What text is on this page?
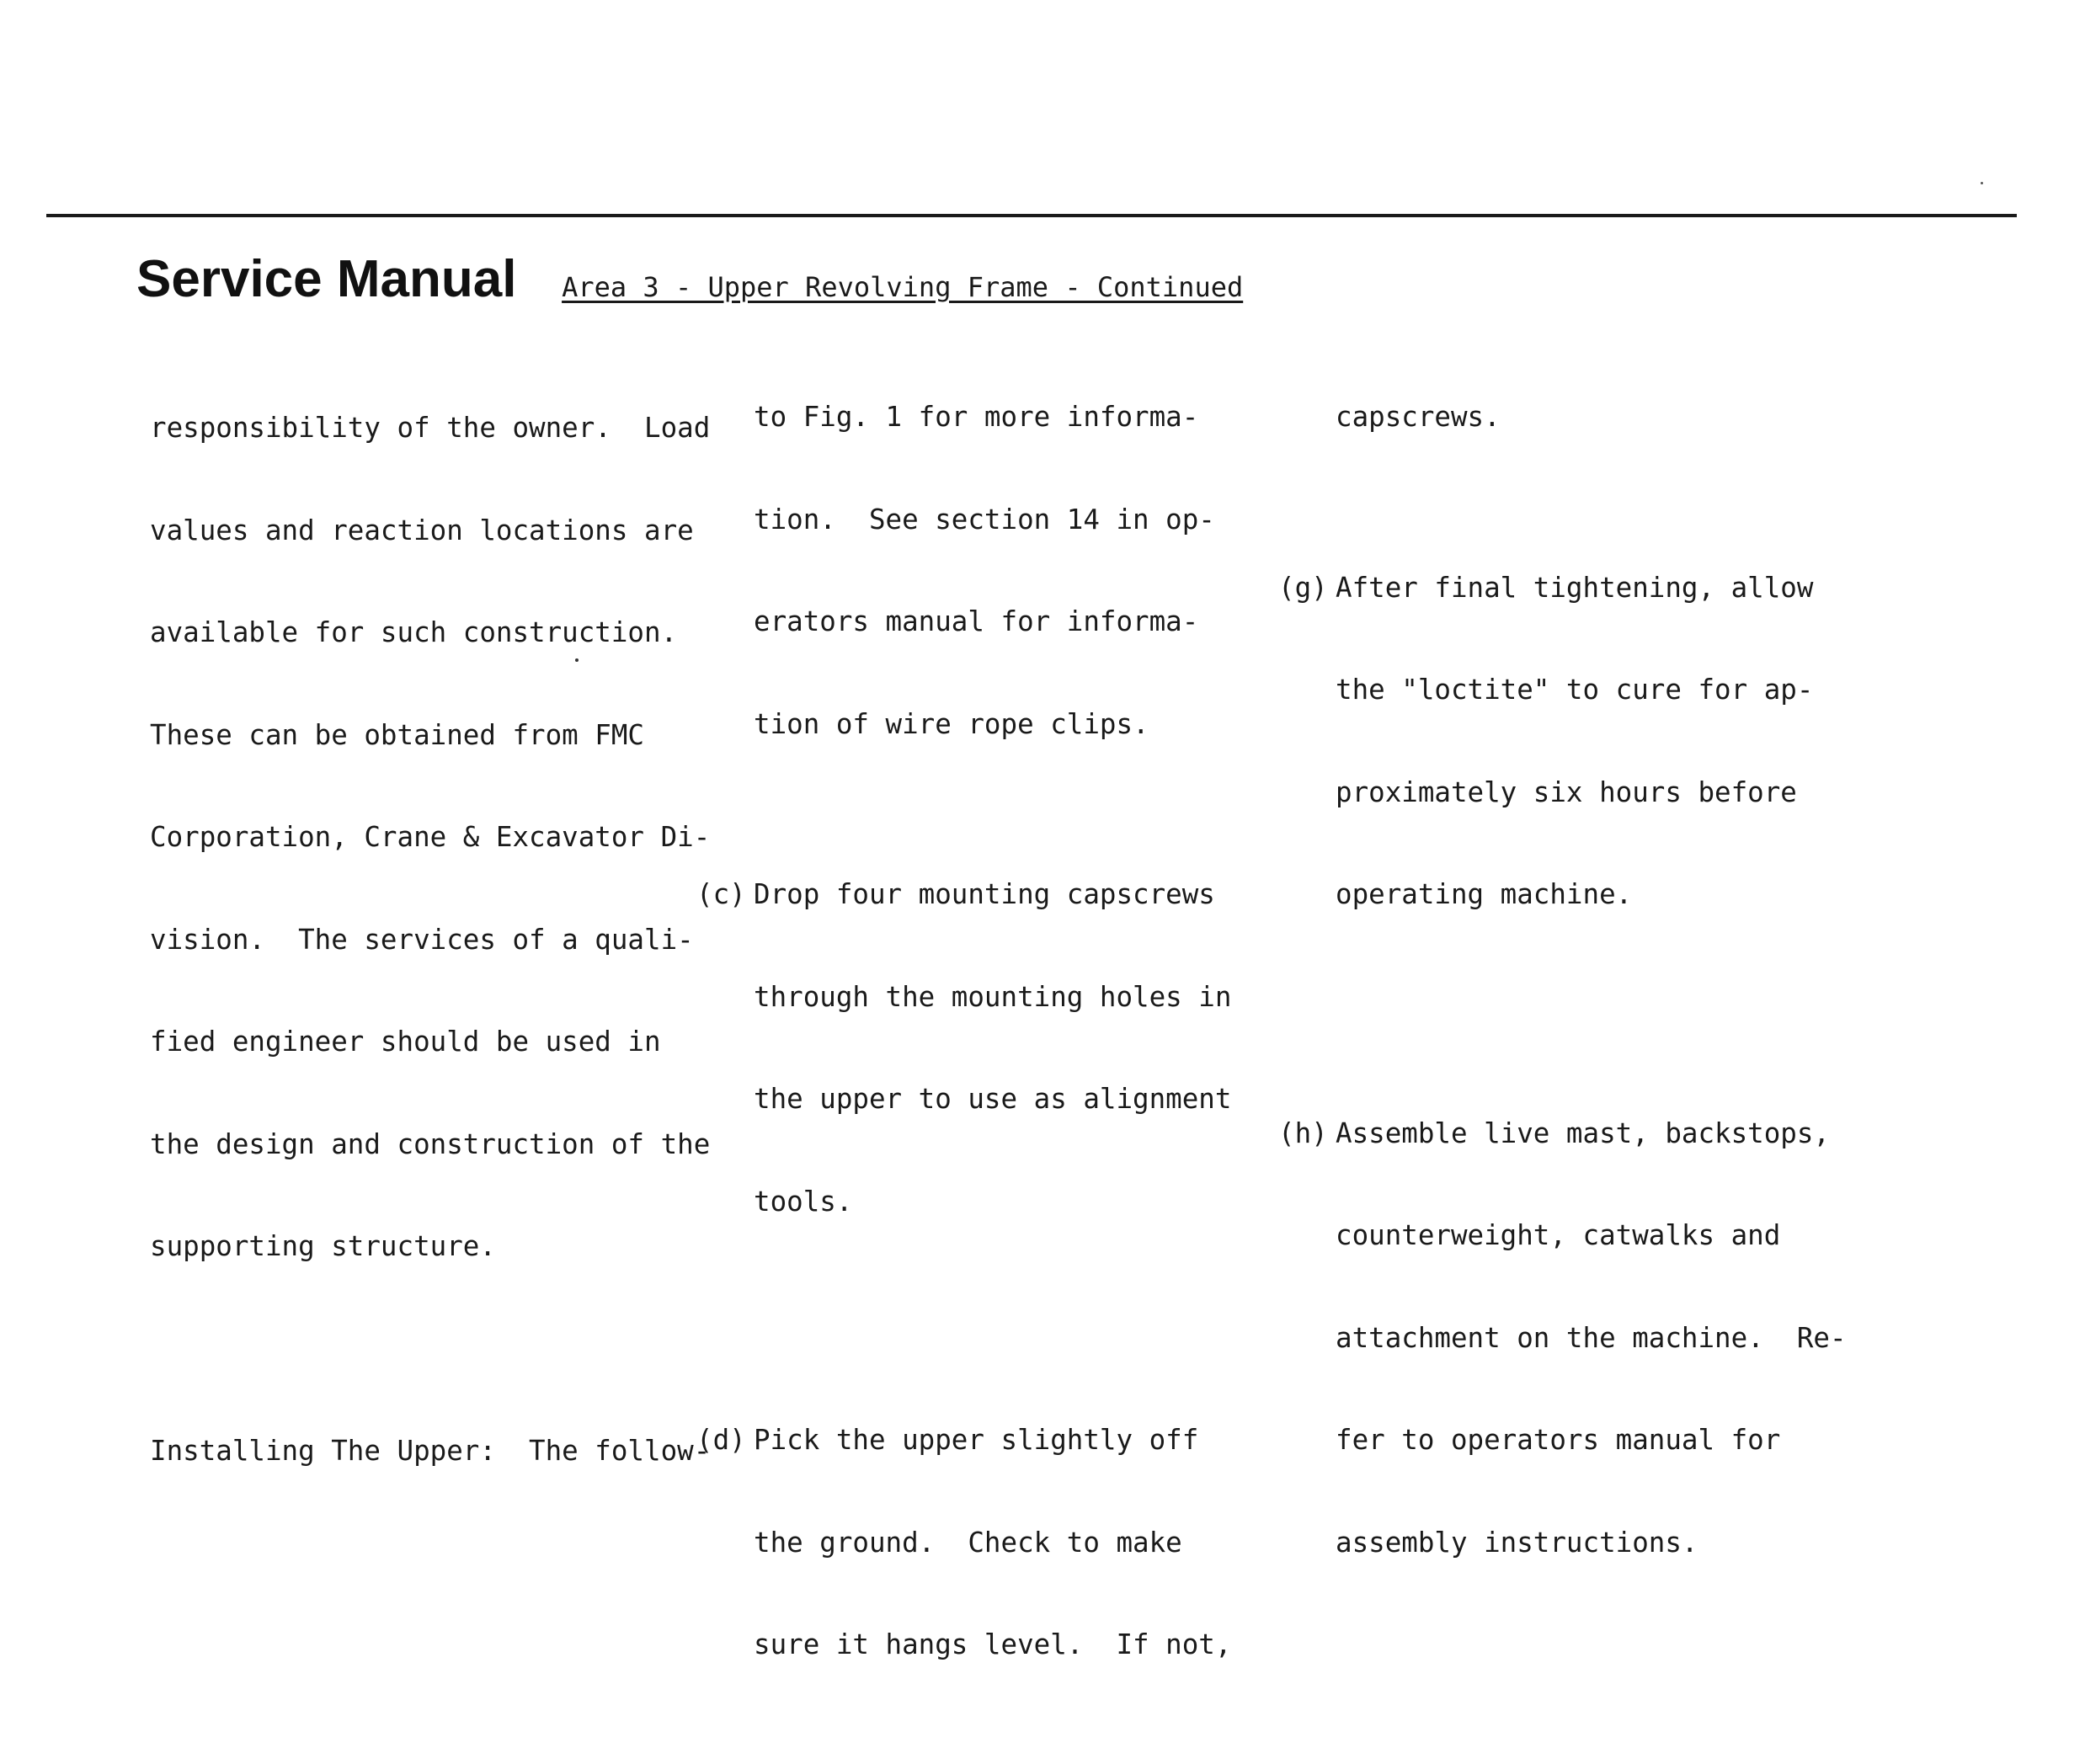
Service Manual Area 3 - Upper Revolving Frame - Continued

responsibility of the owner.  Load

values and reaction locations are

available for such construction.

These can be obtained from FMC

Corporation, Crane & Excavator Di-

vision.  The services of a quali-

fied engineer should be used in

the design and construction of the

supporting structure.

Installing The Upper:  The follow-

to Fig. 1 for more informa-

tion.  See section 14 in op-

erators manual for informa-

tion of wire rope clips.

(c) Drop four mounting capscrews

through the mounting holes in

the upper to use as alignment

tools.

(d) Pick the upper slightly off

the ground.  Check to make

sure it hangs level.  If not,

capscrews.

(g) After final tightening, allow

the "loctite" to cure for ap-

proximately six hours before

operating machine.

(h) Assemble live mast, backstops,

counterweight, catwalks and

attachment on the machine.  Re-

fer to operators manual for

assembly instructions.
